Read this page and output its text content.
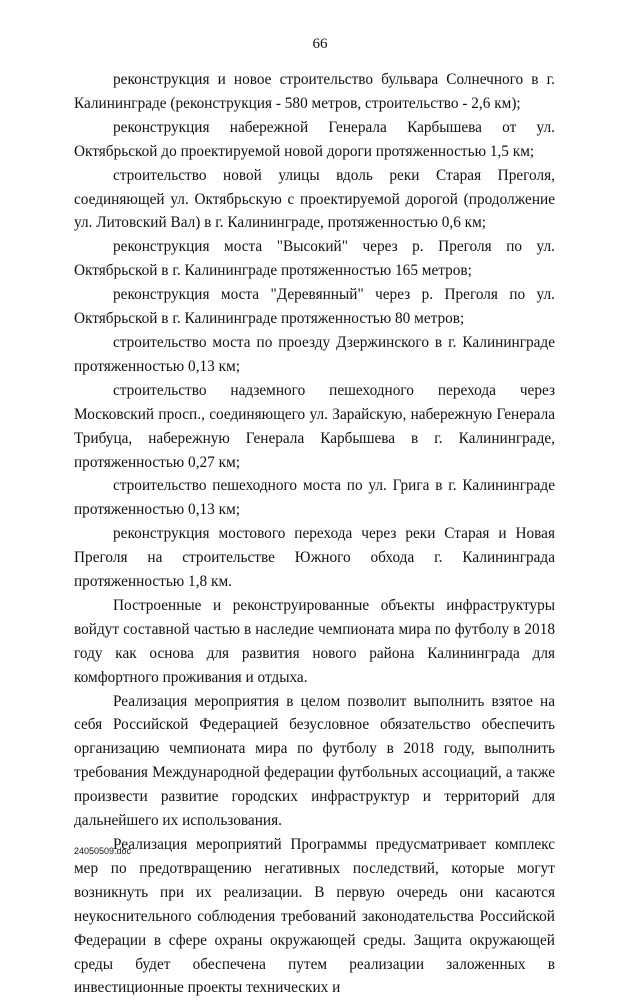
66

реконструкция и новое строительство бульвара Солнечного в г. Калининграде (реконструкция - 580 метров, строительство - 2,6 км);

реконструкция набережной Генерала Карбышева от ул. Октябрьской до проектируемой новой дороги протяженностью 1,5 км;

строительство новой улицы вдоль реки Старая Преголя, соединяющей ул. Октябрьскую с проектируемой дорогой (продолжение ул. Литовский Вал) в г. Калининграде, протяженностью 0,6 км;

реконструкция моста "Высокий" через р. Преголя по ул. Октябрьской в г. Калининграде протяженностью 165 метров;

реконструкция моста "Деревянный" через р. Преголя по ул. Октябрьской в г. Калининграде протяженностью 80 метров;

строительство моста по проезду Дзержинского в г. Калининграде протяженностью 0,13 км;

строительство надземного пешеходного перехода через Московский просп., соединяющего ул. Зарайскую, набережную Генерала Трибуца, набережную Генерала Карбышева в г. Калининграде, протяженностью 0,27 км;

строительство пешеходного моста по ул. Грига в г. Калининграде протяженностью 0,13 км;

реконструкция мостового перехода через реки Старая и Новая Преголя на строительстве Южного обхода г. Калининграда протяженностью 1,8 км.

Построенные и реконструированные объекты инфраструктуры войдут составной частью в наследие чемпионата мира по футболу в 2018 году как основа для развития нового района Калининграда для комфортного проживания и отдыха.

Реализация мероприятия в целом позволит выполнить взятое на себя Российской Федерацией безусловное обязательство обеспечить организацию чемпионата мира по футболу в 2018 году, выполнить требования Международной федерации футбольных ассоциаций, а также произвести развитие городских инфраструктур и территорий для дальнейшего их использования.

Реализация мероприятий Программы предусматривает комплекс мер по предотвращению негативных последствий, которые могут возникнуть при их реализации. В первую очередь они касаются неукоснительного соблюдения требований законодательства Российской Федерации в сфере охраны окружающей среды. Защита окружающей среды будет обеспечена путем реализации заложенных в инвестиционные проекты технических и

24050509.doc
